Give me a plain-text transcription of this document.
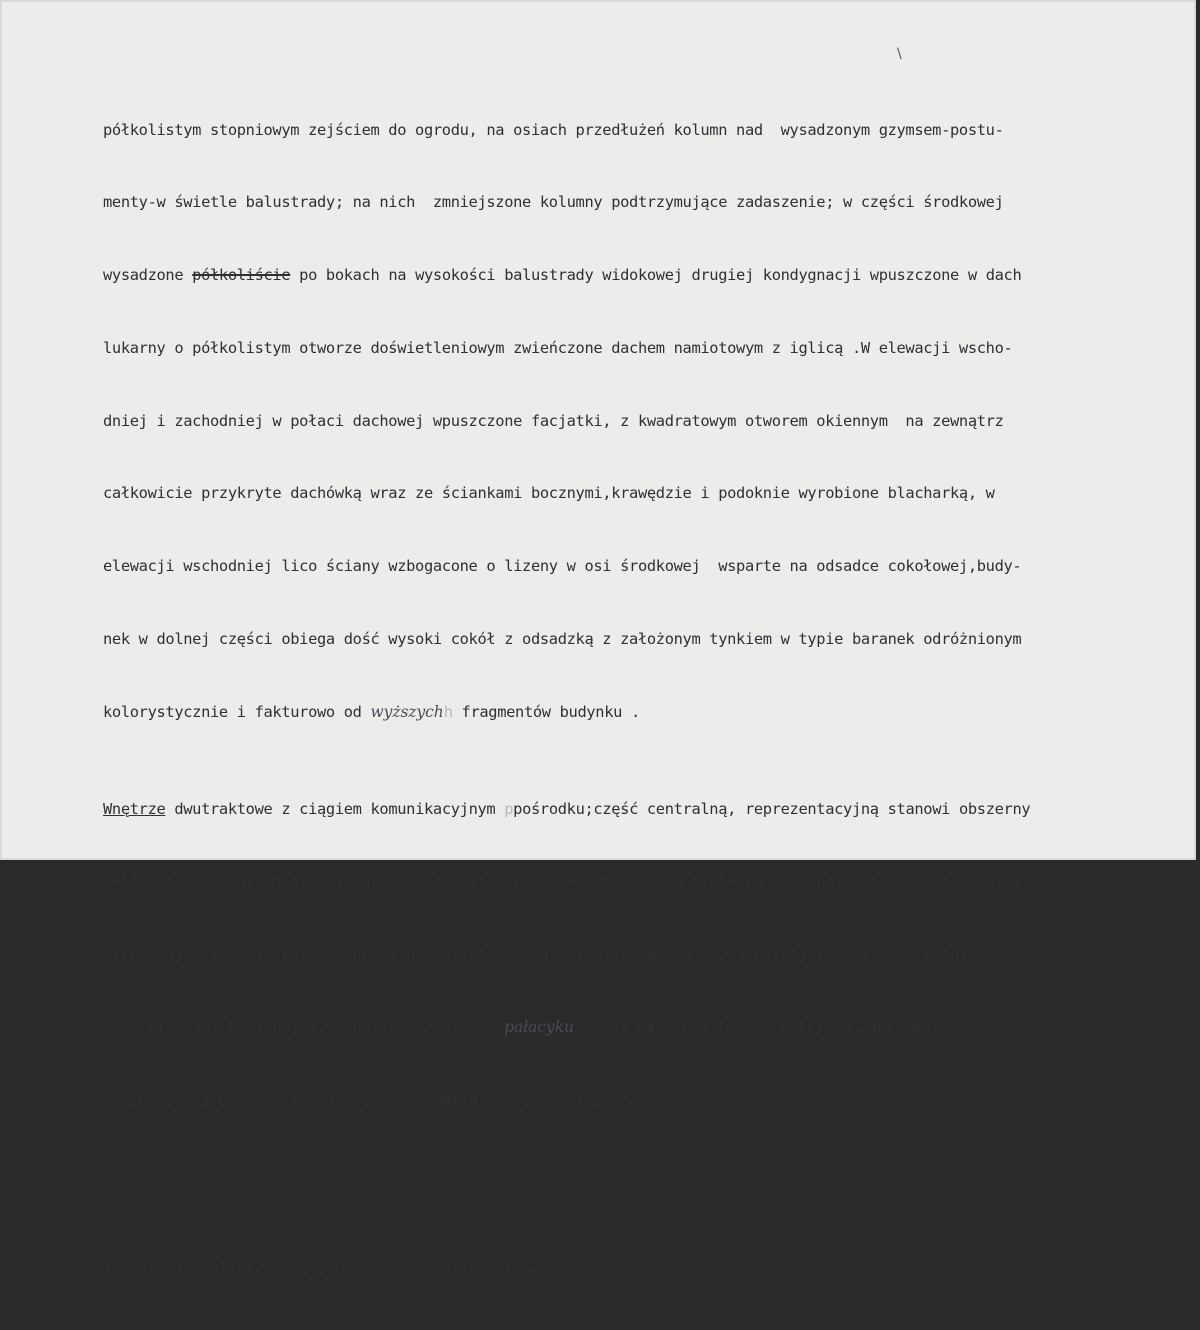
\

półkolistym stopniowym zejściem do ogrodu, na osiach przedłużeń kolumn nad  wysadzonym gzymsem-postu-

menty-w świetle balustrady; na nich  zmniejszone kolumny podtrzymujące zadaszenie; w części środkowej

wysadzone półkoliście po bokach na wysokości balustrady widokowej drugiej kondygnacji wpuszczone w dach

lukarny o półkolistym otworze doświetleniowym zwieńczone dachem namiotowym z iglicą .W elewacji wscho-

dniej i zachodniej w połaci dachowej wpuszczone facjatki, z kwadratowym otworem okiennym  na zewnątrz

całkowicie przykryte dachówką wraz ze ściankami bocznymi,krawędzie i podoknie wyrobione blacharką, w

elewacji wschodniej lico ściany wzbogacone o lizeny w osi środkowej  wsparte na odsadce cokołowej,budy-

nek w dolnej części obiega dość wysoki cokół z odsadzką z założonym tynkiem w typie baranek odróżnionym

kolorystycznie i fakturowo od wyższychh fragmentów budynku .

Wnętrze dwutraktowe z ciągiem komunikacyjnym ppośrodku;część centralną, reprezentacyjną stanowi obszerny

hall, doświetlony od strony ogrodu rozłożystą krosnowo- framugową stolarką okienną; w części wschodniej

wysadzony z lica ściany kominek z półkolistą wnęką paleniskową, na zewnątrz otynkowany, pierwotnie obło-

żony płytkami kamiennymi, w pomieszczeniach, pałacyku na parterze fasety z fryzem ząbkowym ,

w większości pomieszczeń drzwi nowe, dorabiane , współczesne .

Instalacja: elektryczna ,CO, wodno-kanalizacyjna.
